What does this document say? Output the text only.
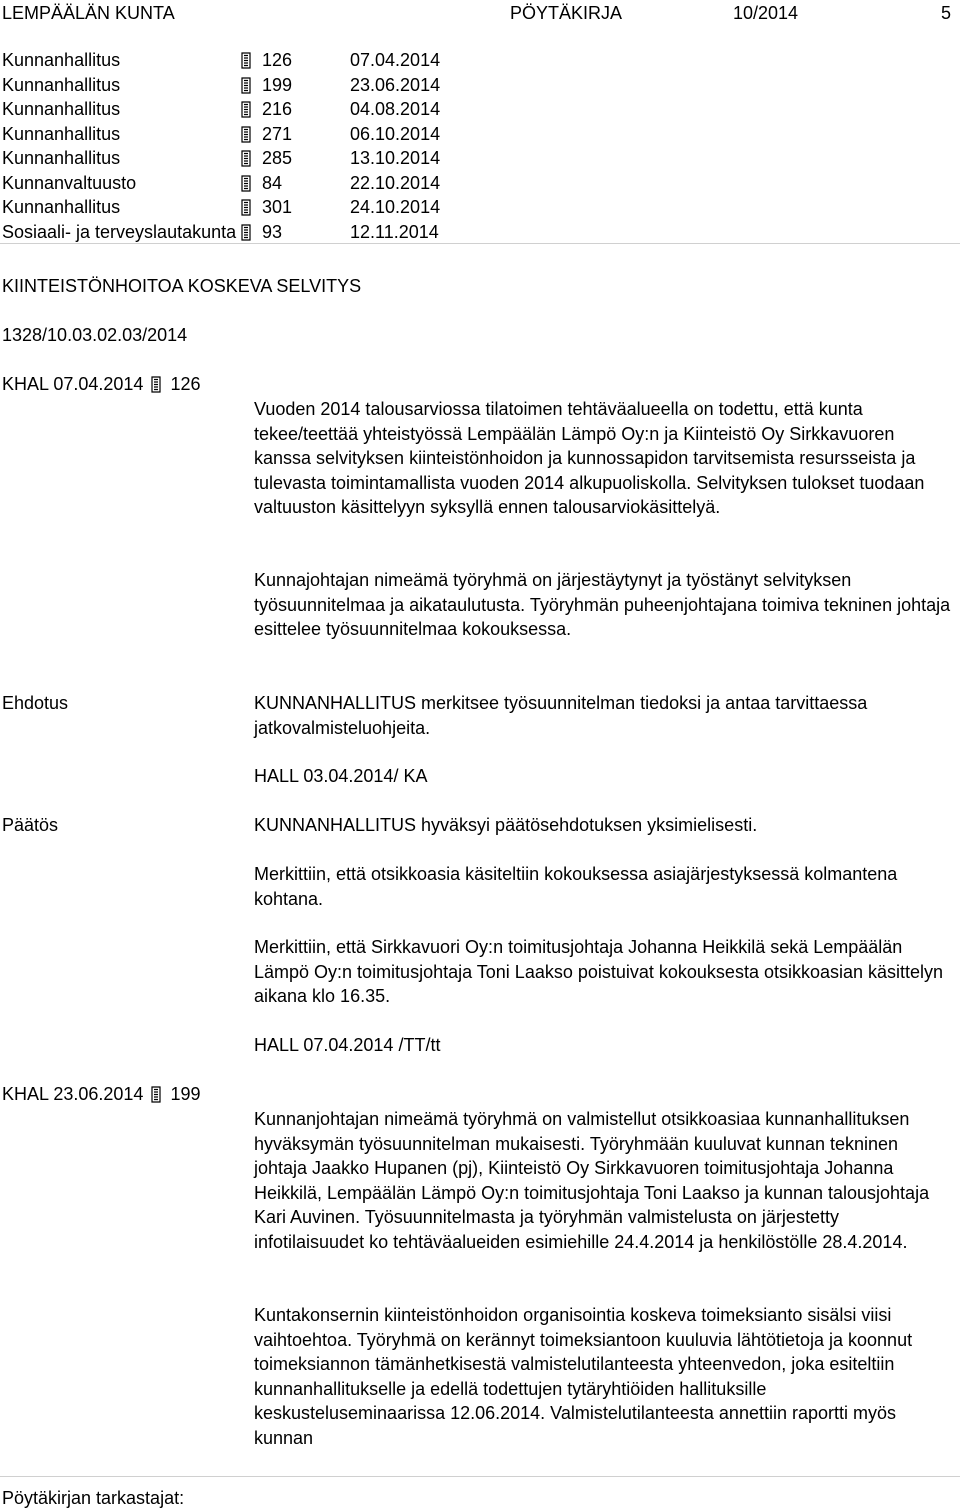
LEMPÄÄLÄN KUNTA	PÖYTÄKIRJA	10/2014	5
Kunnanhallitus	126	07.04.2014
Kunnanhallitus	199	23.06.2014
Kunnanhallitus	216	04.08.2014
Kunnanhallitus	271	06.10.2014
Kunnanhallitus	285	13.10.2014
Kunnanvaltuusto	84	22.10.2014
Kunnanhallitus	301	24.10.2014
Sosiaali- ja terveyslautakunta 93	12.11.2014
KIINTEISTÖNHOITOA KOSKEVA SELVITYS
1328/10.03.02.03/2014
KHAL 07.04.2014 126

Vuoden 2014 talousarviossa tilatoimen tehtäväalueella on todettu, että kunta tekee/teettää yhteistyössä Lempäälän Lämpö Oy:n ja Kiinteistö Oy Sirkkavuoren kanssa selvityksen kiinteistönhoidon ja kunnossapidon tarvitsemista resursseista ja tulevasta toimintamallista vuoden 2014 alkupuoliskolla. Selvityksen tulokset tuodaan valtuuston käsittelyyn syksyllä ennen talousarviokäsittelyä.

Kunnajohtajan nimeämä työryhmä on järjestäytynyt ja työstänyt selvityksen työsuunnitelmaa ja aikataulutusta. Työryhmän puheenjohtajana toimiva tekninen johtaja esittelee työsuunnitelmaa kokouksessa.

Ehdotus	KUNNANHALLITUS merkitsee työsuunnitelman tiedoksi ja antaa tarvittaessa jatkovalmisteluohjeita.

HALL 03.04.2014/ KA

Päätös	KUNNANHALLITUS hyväksyi päätösehdotuksen yksimielisesti.

Merkittiin, että otsikkoasia käsiteltiin kokouksessa asiajärjestyksessä kolmantena kohtana.

Merkittiin, että Sirkkavuori Oy:n toimitusjohtaja Johanna Heikkilä sekä Lempäälän Lämpö Oy:n toimitusjohtaja Toni Laakso poistuivat kokouksesta otsikkoasian käsittelyn aikana klo 16.35.

HALL 07.04.2014 /TT/tt

KHAL 23.06.2014 199

Kunnanjohtajan nimeämä työryhmä on valmistellut otsikkoasiaa kunnanhallituksen hyväksymän työsuunnitelman mukaisesti. Työryhmään kuuluvat kunnan tekninen johtaja Jaakko Hupanen (pj), Kiinteistö Oy Sirkkavuoren toimitusjohtaja Johanna Heikkilä, Lempäälän Lämpö Oy:n toimitusjohtaja Toni Laakso ja kunnan talousjohtaja Kari Auvinen. Työsuunnitelmasta ja työryhmän valmistelusta on järjestetty infotilaisuudet ko tehtäväalueiden esimiehille 24.4.2014 ja henkilöstölle 28.4.2014.

Kuntakonsernin kiinteistönhoidon organisointia koskeva toimeksianto sisälsi viisi vaihtoehtoa. Työryhmä on kerännyt toimeksiantoon kuuluvia lähtötietoja ja koonnut toimeksiannon tämänhetkisestä valmistelutilanteesta yhteenvedon, joka esiteltiin kunnanhallitukselle ja edellä todettujen tytäryhtiöiden hallituksille keskusteluseminaarissa 12.06.2014. Valmistelutilanteesta annettiin raportti myös kunnan

Pöytäkirjan tarkastajat:
